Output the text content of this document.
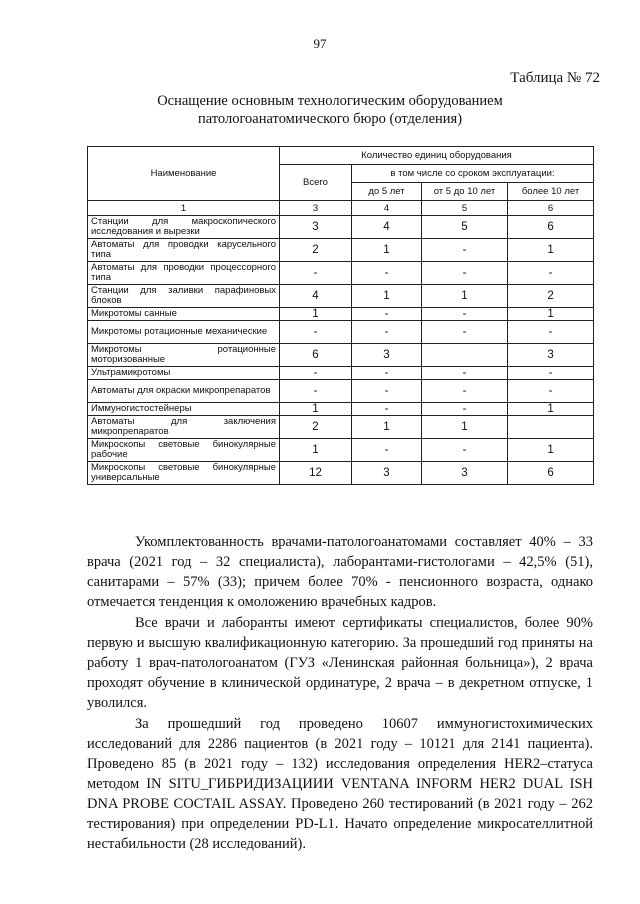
97
Таблица № 72
Оснащение основным технологическим оборудованием
патологоанатомического бюро (отделения)
Наименование	Количество единиц оборудования			
	Всего	в том числе со сроком эксплуатации:		
		до 5 лет	от 5 до 10 лет	более 10 лет
1	3	4	5	6
Станции для макроскопического исследования и вырезки	3	4	5	6
Автоматы для проводки карусельного типа	2	1	-	1
Автоматы для проводки процессорного типа	-	-	-	-
Станции для заливки парафиновых блоков	4	1	1	2
Микротомы санные	1	-	-	1
Микротомы ротационные механические	-	-	-	-
Микротомы ротационные моторизованные	6	3		3
Ультрамикротомы	-	-	-	-
Автоматы для окраски микропрепаратов	-	-	-	-
Иммуногистостейнеры	1	-	-	1
Автоматы для заключения микропрепаратов	2	1	1	
Микроскопы световые бинокулярные рабочие	1	-	-	1
Микроскопы световые бинокулярные универсальные	12	3	3	6

Укомплектованность врачами-патологоанатомами составляет 40% – 33 врача (2021 год – 32 специалиста), лаборантами-гистологами – 42,5% (51), санитарами – 57% (33); причем более 70% - пенсионного возраста, однако отмечается тенденция к омоложению врачебных кадров.

Все врачи и лаборанты имеют сертификаты специалистов, более 90% первую и высшую квалификационную категорию. За прошедший год приняты на работу 1 врач-патологоанатом (ГУЗ «Ленинская районная больница»), 2 врача проходят обучение в клинической ординатуре, 2 врача – в декретном отпуске, 1 уволился.

За прошедший год проведено 10607 иммуногистохимических исследований для 2286 пациентов (в 2021 году – 10121 для 2141 пациента). Проведено 85 (в 2021 году – 132) исследования определения HER2–статуса методом IN SITU_ГИБРИДИЗАЦИИИ VENTANA INFORM HER2 DUAL ISH DNA PROBE COCTAIL ASSAY. Проведено 260 тестирований (в 2021 году – 262 тестирования) при определении PD-L1. Начато определение микросателлитной нестабильности (28 исследований).
